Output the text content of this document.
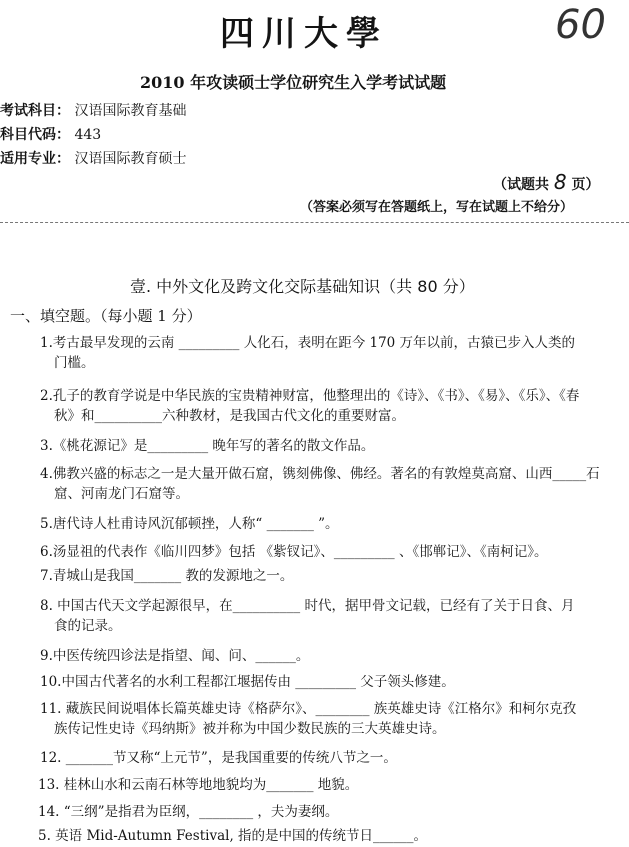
四川大學	60
2010 年攻读硕士学位研究生入学考试试题
考试科目： 汉语国际教育基础
科目代码： 443
适用专业： 汉语国际教育硕士
（试题共 8 页）
（答案必须写在答题纸上，写在试题上不给分）
壹. 中外文化及跨文化交际基础知识（共 80 分）
一、填空题。（每小题 1 分）
1.考古最早发现的云南 _________ 人化石，表明在距今 170 万年以前，古猿已步入人类的
门槛。
2.孔子的教育学说是中华民族的宝贵精神财富，他整理出的《诗》、《书》、《易》、《乐》、《春
秋》和__________六种教材，是我国古代文化的重要财富。
3.《桃花源记》是_________ 晚年写的著名的散文作品。
4.佛教兴盛的标志之一是大量开做石窟，镌刻佛像、佛经。著名的有敦煌莫高窟、山西_____石
窟、河南龙门石窟等。
5.唐代诗人杜甫诗风沉郁顿挫，人称“ _______ ”。
6.汤显祖的代表作《临川四梦》包括 《紫钗记》、_________ 、《邯郸记》、《南柯记》。
7.青城山是我国_______ 教的发源地之一。
8. 中国古代天文学起源很早，在__________ 时代，据甲骨文记载，已经有了关于日食、月
食的记录。
9.中医传统四诊法是指望、闻、问、______。
10.中国古代著名的水利工程都江堰据传由 _________ 父子领头修建。
11. 藏族民间说唱体长篇英雄史诗《格萨尔》、________ 族英雄史诗《江格尔》和柯尔克孜
族传记性史诗《玛纳斯》被并称为中国少数民族的三大英雄史诗。
12. _______节又称“上元节”，是我国重要的传统八节之一。
13. 桂林山水和云南石林等地地貌均为_______ 地貌。
14. “三纲”是指君为臣纲，________ ，夫为妻纲。
5. 英语 Mid-Autumn Festival, 指的是中国的传统节日______。
